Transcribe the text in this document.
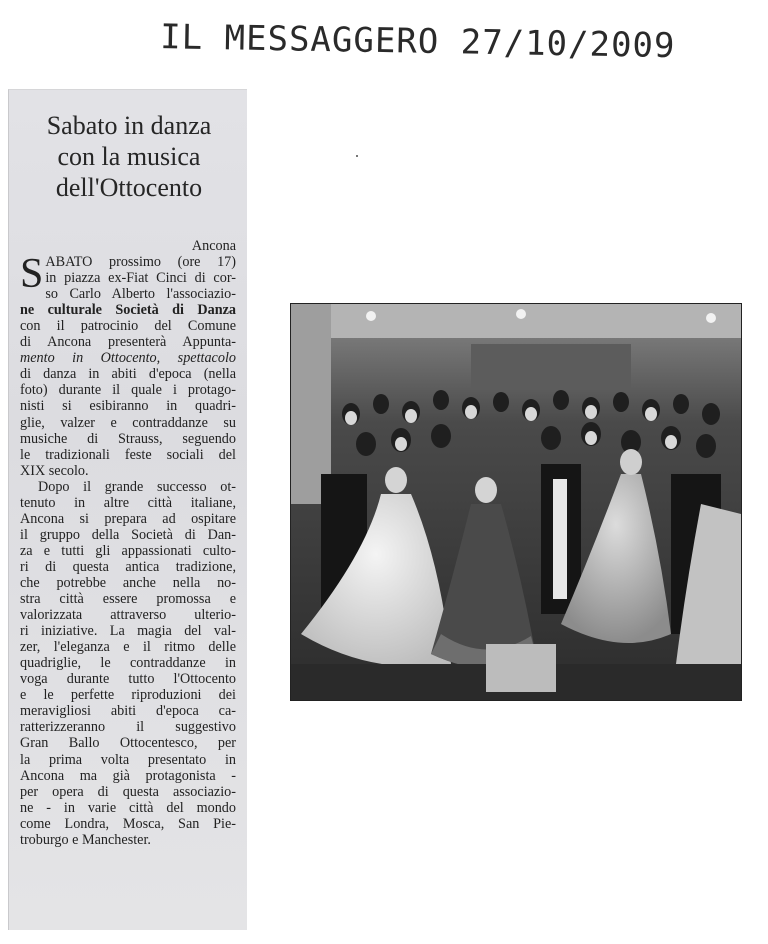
IL MESSAGGERO 27/10/2009
Sabato in danza
con la musica
dell'Ottocento
Ancona
S ABATO prossimo (ore 17)
in piazza ex-Fiat Cinci di cor-
so Carlo Alberto l'associazio-
ne culturale Società di Danza
con il patrocinio del Comune
di Ancona presenterà Appunta-
mento in Ottocento, spettacolo
di danza in abiti d'epoca (nella
foto) durante il quale i protago-
nisti si esibiranno in quadri-
glie, valzer e contraddanze su
musiche di Strauss, seguendo
le tradizionali feste sociali del
XIX secolo.
Dopo il grande successo ot-
tenuto in altre città italiane,
Ancona si prepara ad ospitare
il gruppo della Società di Dan-
za e tutti gli appassionati culto-
ri di questa antica tradizione,
che potrebbe anche nella no-
stra città essere promossa e
valorizzata attraverso ulterio-
ri iniziative. La magia del val-
zer, l'eleganza e il ritmo delle
quadriglie, le contraddanze in
voga durante tutto l'Ottocento
e le perfette riproduzioni dei
meravigliosi abiti d'epoca ca-
ratterizzeranno il suggestivo
Gran Ballo Ottocentesco, per
la prima volta presentato in
Ancona ma già protagonista -
per opera di questa associazio-
ne - in varie città del mondo
come Londra, Mosca, San Pie-
troburgo e Manchester.
